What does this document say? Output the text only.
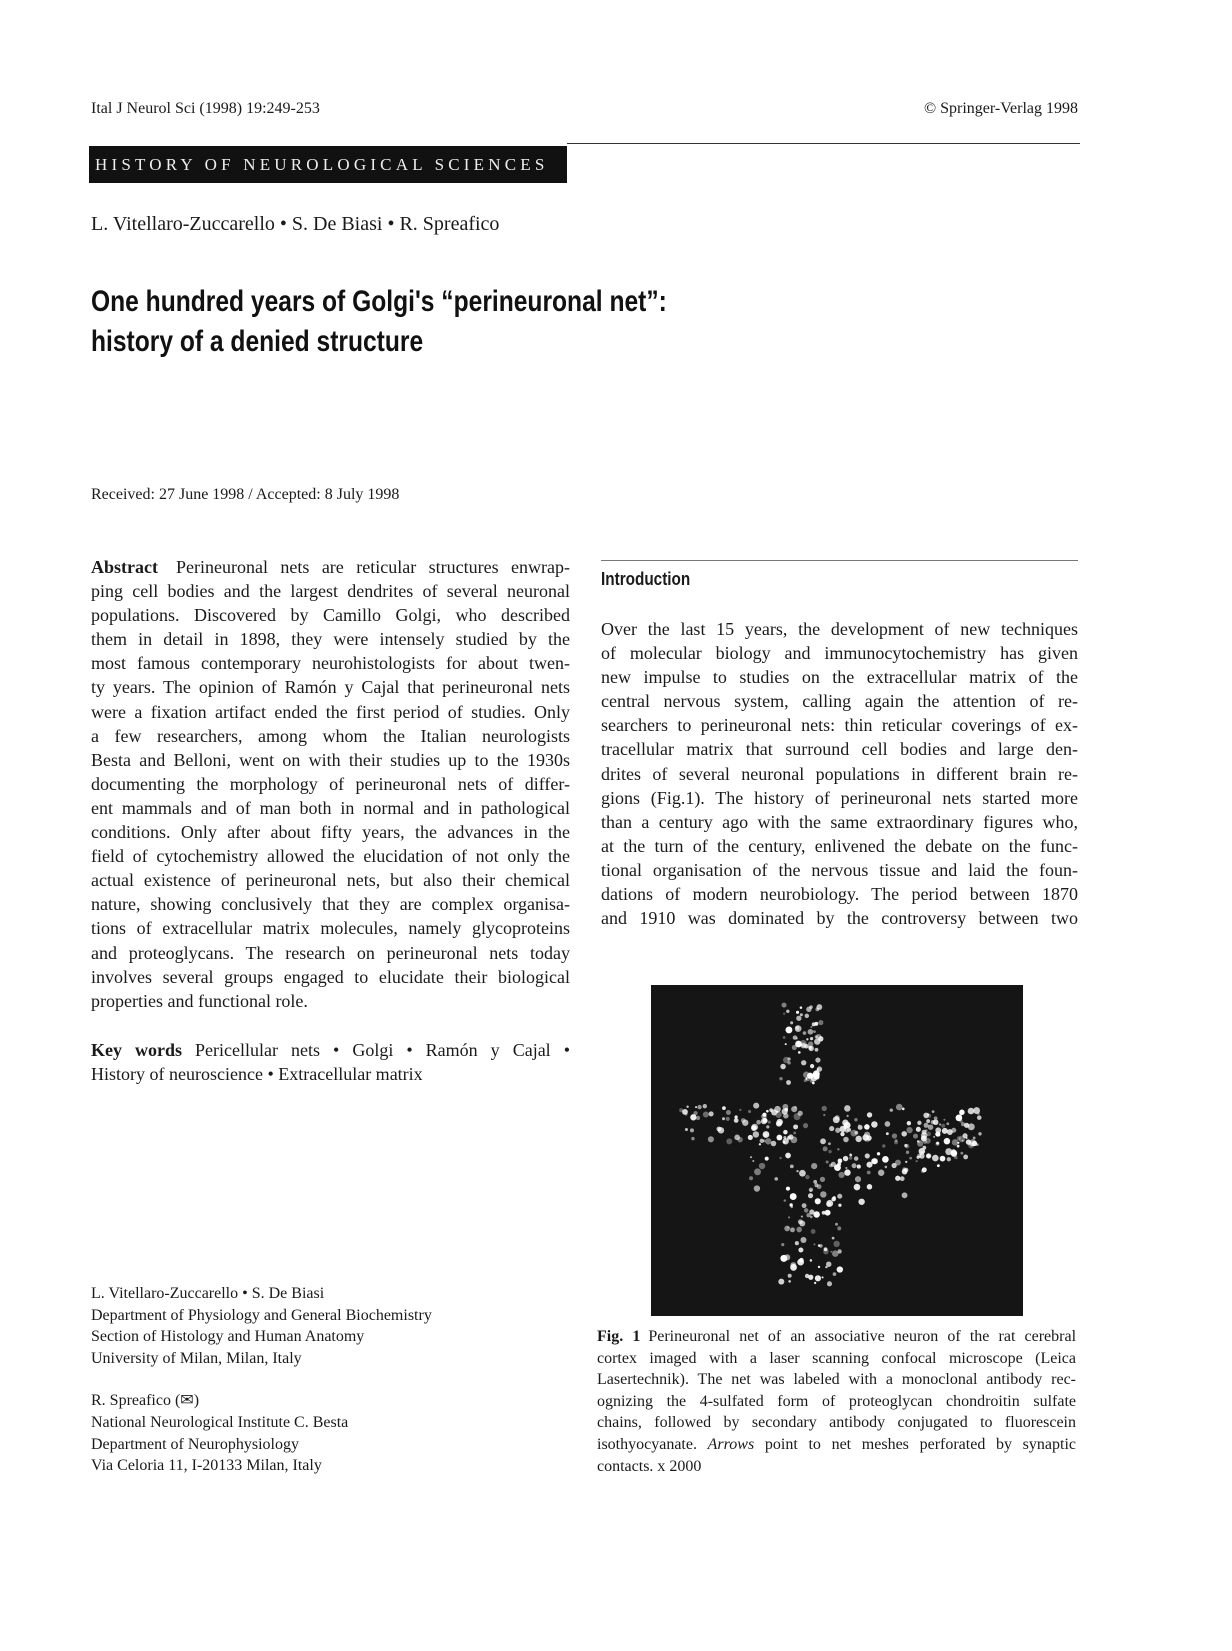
Ital J Neurol Sci (1998) 19:249-253	© Springer-Verlag 1998
HISTORY OF NEUROLOGICAL SCIENCES
L. Vitellaro-Zuccarello • S. De Biasi • R. Spreafico
One hundred years of Golgi's “perineuronal net”:
history of a denied structure
Received: 27 June 1998 / Accepted: 8 July 1998
Abstract  Perineuronal nets are reticular structures enwrap-
ping cell bodies and the largest dendrites of several neuronal
populations. Discovered by Camillo Golgi, who described
them in detail in 1898, they were intensely studied by the
most famous contemporary neurohistologists for about twen-
ty years. The opinion of Ramón y Cajal that perineuronal nets
were a fixation artifact ended the first period of studies. Only
a few researchers, among whom the Italian neurologists
Besta and Belloni, went on with their studies up to the 1930s
documenting the morphology of perineuronal nets of differ-
ent mammals and of man both in normal and in pathological
conditions. Only after about fifty years, the advances in the
field of cytochemistry allowed the elucidation of not only the
actual existence of perineuronal nets, but also their chemical
nature, showing conclusively that they are complex organisa-
tions of extracellular matrix molecules, namely glycoproteins
and proteoglycans. The research on perineuronal nets today
involves several groups engaged to elucidate their biological
properties and functional role.
Key words Pericellular nets • Golgi • Ramón y Cajal •
History of neuroscience • Extracellular matrix
Introduction
Over the last 15 years, the development of new techniques
of molecular biology and immunocytochemistry has given
new impulse to studies on the extracellular matrix of the
central nervous system, calling again the attention of re-
searchers to perineuronal nets: thin reticular coverings of ex-
tracellular matrix that surround cell bodies and large den-
drites of several neuronal populations in different brain re-
gions (Fig.1). The history of perineuronal nets started more
than a century ago with the same extraordinary figures who,
at the turn of the century, enlivened the debate on the func-
tional organisation of the nervous tissue and laid the foun-
dations of modern neurobiology. The period between 1870
and 1910 was dominated by the controversy between two
Fig. 1  Perineuronal net of an associative neuron of the rat cerebral
cortex imaged with a laser scanning confocal microscope (Leica
Lasertechnik). The net was labeled with a monoclonal antibody rec-
ognizing the 4-sulfated form of proteoglycan chondroitin sulfate
chains, followed by secondary antibody conjugated to fluorescein
isothyocyanate. Arrows point to net meshes perforated by synaptic
contacts. x 2000
L. Vitellaro-Zuccarello • S. De Biasi
Department of Physiology and General Biochemistry
Section of Histology and Human Anatomy
University of Milan, Milan, Italy
R. Spreafico (✉)
National Neurological Institute C. Besta
Department of Neurophysiology
Via Celoria 11, I-20133 Milan, Italy
